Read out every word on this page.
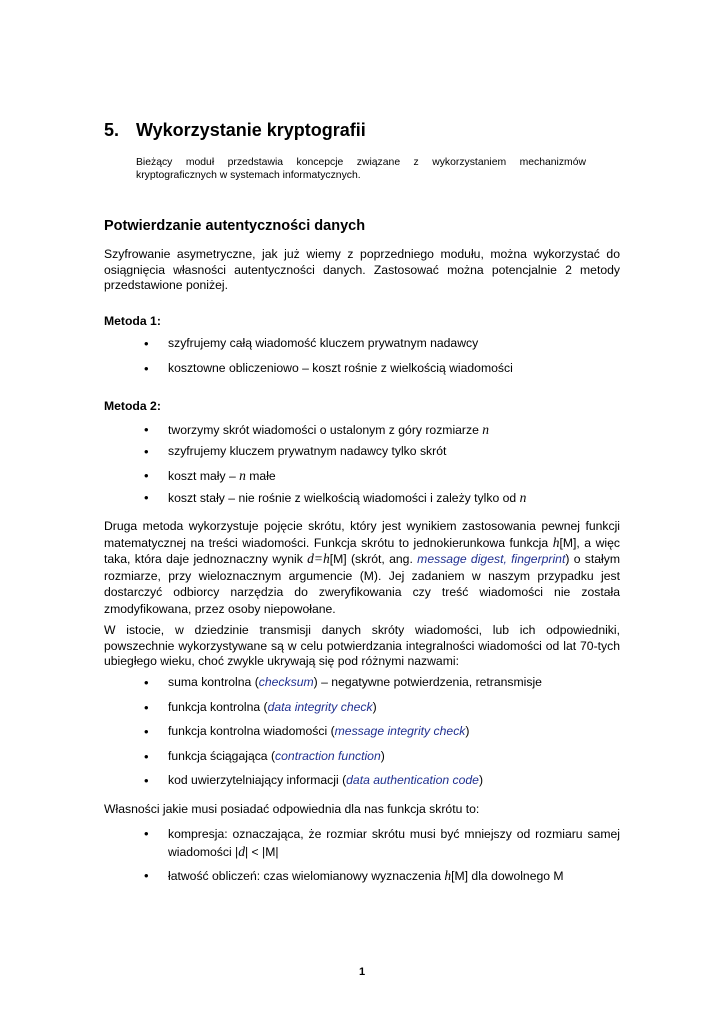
5. Wykorzystanie kryptografii

Bieżący moduł przedstawia koncepcje związane z wykorzystaniem mechanizmów kryptograficznych w systemach informatycznych.

Potwierdzanie autentyczności danych

Szyfrowanie asymetryczne, jak już wiemy z poprzedniego modułu, można wykorzystać do osiągnięcia własności autentyczności danych. Zastosować można potencjalnie 2 metody przedstawione poniżej.

Metoda 1:

•	szyfrujemy całą wiadomość kluczem prywatnym nadawcy
•	kosztowne obliczeniowo – koszt rośnie z wielkością wiadomości

Metoda 2:

•	tworzymy skrót wiadomości o ustalonym z góry rozmiarze n
•	szyfrujemy kluczem prywatnym nadawcy tylko skrót
•	koszt mały – n małe
•	koszt stały – nie rośnie z wielkością wiadomości i zależy tylko od n

Druga metoda wykorzystuje pojęcie skrótu, który jest wynikiem zastosowania pewnej funkcji matematycznej na treści wiadomości. Funkcja skrótu to jednokierunkowa funkcja h[M], a więc taka, która daje jednoznaczny wynik d=h[M] (skrót, ang. message digest, fingerprint) o stałym rozmiarze, przy wieloznacznym argumencie (M). Jej zadaniem w naszym przypadku jest dostarczyć odbiorcy narzędzia do zweryfikowania czy treść wiadomości nie została zmodyfikowana, przez osoby niepowołane.

W istocie, w dziedzinie transmisji danych skróty wiadomości, lub ich odpowiedniki, powszechnie wykorzystywane są w celu potwierdzania integralności wiadomości od lat 70-tych ubiegłego wieku, choć zwykle ukrywają się pod różnymi nazwami:

•	suma kontrolna (checksum) – negatywne potwierdzenia, retransmisje
•	funkcja kontrolna (data integrity check)
•	funkcja kontrolna wiadomości (message integrity check)
•	funkcja ściągająca (contraction function)
•	kod uwierzytelniający informacji (data authentication code)

Własności jakie musi posiadać odpowiednia dla nas funkcja skrótu to:

•	kompresja: oznaczająca, że rozmiar skrótu musi być mniejszy od rozmiaru samej wiadomości |d| < |M|
•	łatwość obliczeń: czas wielomianowy wyznaczenia h[M] dla dowolnego M
1
